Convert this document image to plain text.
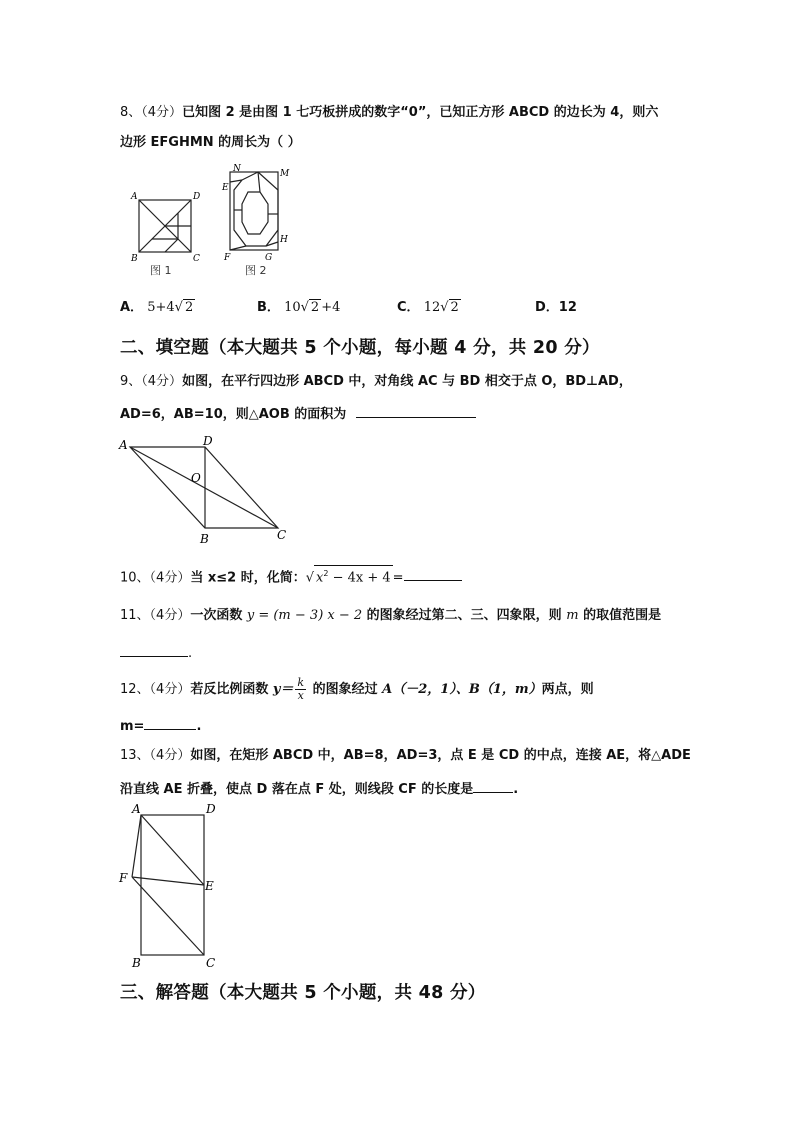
8、（4分）已知图 2 是由图 1 七巧板拼成的数字“0”，已知正方形 ABCD 的边长为 4，则六
边形 EFGHMN 的周长为（ ）
A	D
B	C
图 1
N	M
E
H
F	G
图 2
A． 5+4√ 2	B． 10√ 2 +4	C． 12√ 2	D．12
二、填空题（本大题共 5 个小题，每小题 4 分，共 20 分）
9、（4分）如图，在平行四边形 ABCD 中，对角线 AC 与 BD 相交于点 O，BD⊥AD，
AD=6，AB=10，则△AOB 的面积为
A	D
O
B	C
10、（4分）当 x≤2 时，化简：√ $x^2 - 4x + 4$ =
11、（4分）一次函数 y = (m − 3) x − 2 的图象经过第二、三、四象限，则 m 的取值范围是
.
12、（4分）若反比例函数 $y= \frac{k}{x}$ 的图象经过 A（－2，1）、B（1，m）两点，则
m=	.
13、（4分）如图，在矩形 ABCD 中，AB=8，AD=3，点 E 是 CD 的中点，连接 AE，将△ADE
沿直线 AE 折叠，使点 D 落在点 F 处，则线段 CF 的长度是	.
A	D
F
E
B	C
三、解答题（本大题共 5 个小题，共 48 分）
